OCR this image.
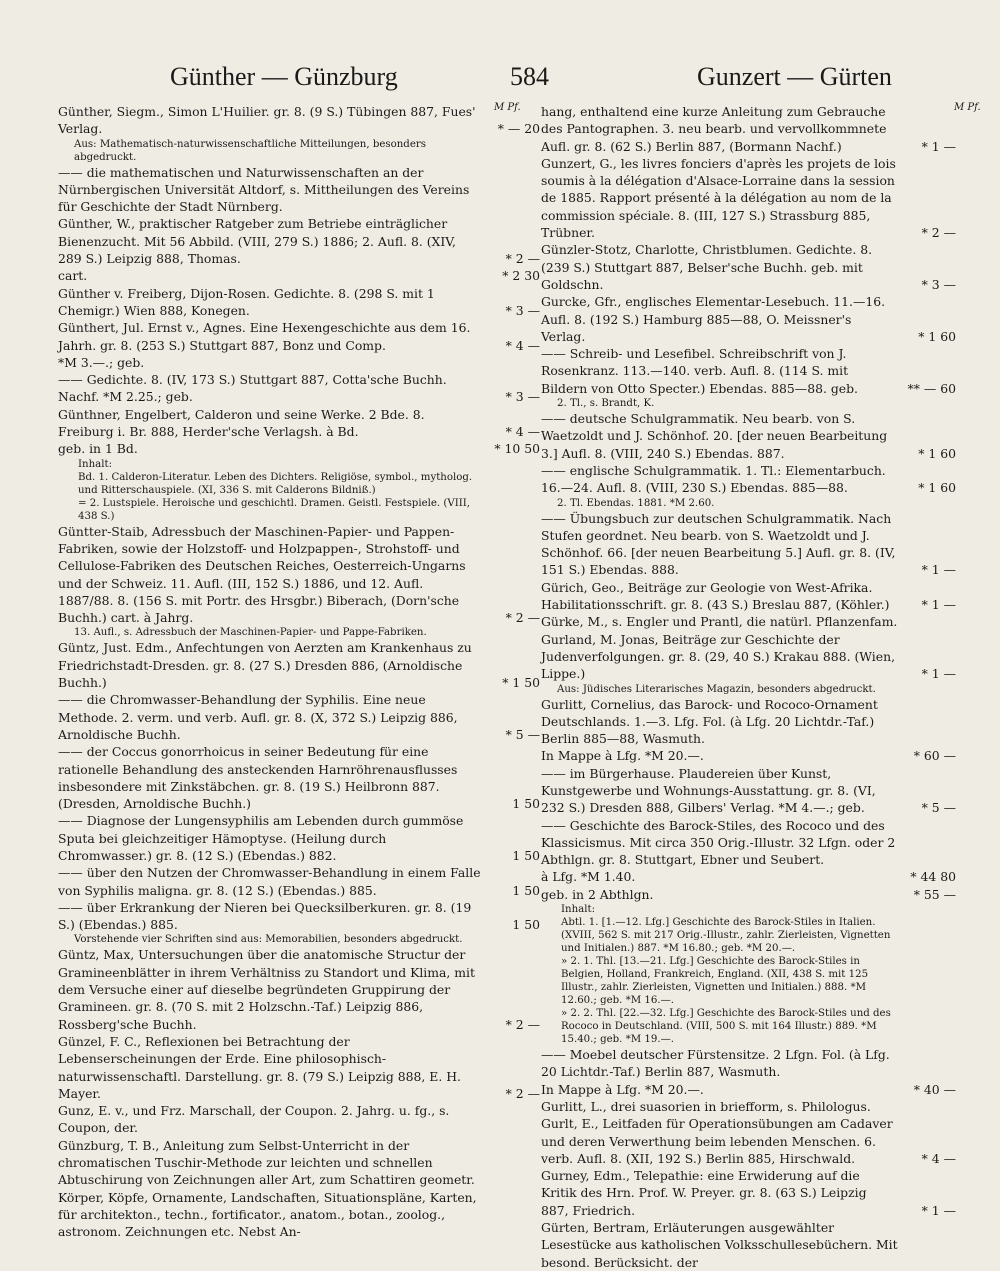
Günther — Günzburg	584	Gunzert — Gürten
M Pf.	M Pf.
Günther, Siegm., Simon L'Huilier. gr. 8. (9 S.) Tübingen 887, Fues' Verlag.	* — 20
Aus: Mathematisch-naturwissenschaftliche Mitteilungen, besonders abgedruckt.
—— die mathematischen und Naturwissenschaften an der Nürnbergischen Universität Altdorf, s. Mittheilungen des Vereins für Geschichte der Stadt Nürnberg.
Günther, W., praktischer Ratgeber zum Betriebe einträglicher Bienenzucht. Mit 56 Abbild. (VIII, 279 S.) 1886; 2. Aufl. 8. (XIV, 289 S.) Leipzig 888, Thomas.	* 2 —
cart.	* 2 30
Günther v. Freiberg, Dijon-Rosen. Gedichte. 8. (298 S. mit 1 Chemigr.) Wien 888, Konegen.	* 3 —
Günthert, Jul. Ernst v., Agnes. Eine Hexengeschichte aus dem 16. Jahrh. gr. 8. (253 S.) Stuttgart 887, Bonz und Comp.	* 4 —
*M 3.—.; geb.
—— Gedichte. 8. (IV, 173 S.) Stuttgart 887, Cotta'sche Buchh. Nachf. *M 2.25.; geb.	* 3 —
Günthner, Engelbert, Calderon und seine Werke. 2 Bde. 8. Freiburg i. Br. 888, Herder'sche Verlagsh. à Bd.	* 4 —
geb. in 1 Bd.	* 10 50
Inhalt:
Bd. 1. Calderon-Literatur. Leben des Dichters. Religiöse, symbol., mytholog. und Ritterschauspiele. (XI, 336 S. mit Calderons Bildniß.)
= 2. Lustspiele. Heroische und geschichtl. Dramen. Geistl. Festspiele. (VIII, 438 S.)
Güntter-Staib, Adressbuch der Maschinen-Papier- und Pappen-Fabriken, sowie der Holzstoff- und Holzpappen-, Strohstoff- und Cellulose-Fabriken des Deutschen Reiches, Oesterreich-Ungarns und der Schweiz. 11. Aufl. (III, 152 S.) 1886, und 12. Aufl. 1887/88. 8. (156 S. mit Portr. des Hrsgbr.) Biberach, (Dorn'sche Buchh.) cart. à Jahrg.	* 2 —
13. Aufl., s. Adressbuch der Maschinen-Papier- und Pappe-Fabriken.
Güntz, Just. Edm., Anfechtungen von Aerzten am Krankenhaus zu Friedrichstadt-Dresden. gr. 8. (27 S.) Dresden 886, (Arnoldische Buchh.)	* 1 50
—— die Chromwasser-Behandlung der Syphilis. Eine neue Methode. 2. verm. und verb. Aufl. gr. 8. (X, 372 S.) Leipzig 886, Arnoldische Buchh.	* 5 —
—— der Coccus gonorrhoicus in seiner Bedeutung für eine rationelle Behandlung des ansteckenden Harnröhrenausflusses insbesondere mit Zinkstäbchen. gr. 8. (19 S.) Heilbronn 887. (Dresden, Arnoldische Buchh.)	1 50
—— Diagnose der Lungensyphilis am Lebenden durch gummöse Sputa bei gleichzeitiger Hämoptyse. (Heilung durch Chromwasser.) gr. 8. (12 S.) (Ebendas.) 882.	1 50
—— über den Nutzen der Chromwasser-Behandlung in einem Falle von Syphilis maligna. gr. 8. (12 S.) (Ebendas.) 885.	1 50
—— über Erkrankung der Nieren bei Quecksilberkuren. gr. 8. (19 S.) (Ebendas.) 885.	1 50
Vorstehende vier Schriften sind aus: Memorabilien, besonders abgedruckt.
Güntz, Max, Untersuchungen über die anatomische Structur der Gramineenblätter in ihrem Verhältniss zu Standort und Klima, mit dem Versuche einer auf dieselbe begründeten Gruppirung der Gramineen. gr. 8. (70 S. mit 2 Holzschn.-Taf.) Leipzig 886, Rossberg'sche Buchh.	* 2 —
Günzel, F. C., Reflexionen bei Betrachtung der Lebenserscheinungen der Erde. Eine philosophisch-naturwissenschaftl. Darstellung. gr. 8. (79 S.) Leipzig 888, E. H. Mayer.	* 2 —
Gunz, E. v., und Frz. Marschall, der Coupon. 2. Jahrg. u. fg., s. Coupon, der.
Günzburg, T. B., Anleitung zum Selbst-Unterricht in der chromatischen Tuschir-Methode zur leichten und schnellen Abtuschirung von Zeichnungen aller Art, zum Schattiren geometr. Körper, Köpfe, Ornamente, Landschaften, Situationspläne, Karten, für architekton., techn., fortificator., anatom., botan., zoolog., astronom. Zeichnungen etc. Nebst An-
hang, enthaltend eine kurze Anleitung zum Gebrauche des Pantographen. 3. neu bearb. und vervollkommnete Aufl. gr. 8. (62 S.) Berlin 887, (Bormann Nachf.)	* 1 —
Gunzert, G., les livres fonciers d'après les projets de lois soumis à la délégation d'Alsace-Lorraine dans la session de 1885. Rapport présenté à la délégation au nom de la commission spéciale. 8. (III, 127 S.) Strassburg 885, Trübner.	* 2 —
Günzler-Stotz, Charlotte, Christblumen. Gedichte. 8. (239 S.) Stuttgart 887, Belser'sche Buchh. geb. mit Goldschn.	* 3 —
Gurcke, Gfr., englisches Elementar-Lesebuch. 11.—16. Aufl. 8. (192 S.) Hamburg 885—88, O. Meissner's Verlag.	* 1 60
—— Schreib- und Lesefibel. Schreibschrift von J. Rosenkranz. 113.—140. verb. Aufl. 8. (114 S. mit Bildern von Otto Specter.) Ebendas. 885—88. geb.	** — 60
2. Tl., s. Brandt, K.
—— deutsche Schulgrammatik. Neu bearb. von S. Waetzoldt und J. Schönhof. 20. [der neuen Bearbeitung 3.] Aufl. 8. (VIII, 240 S.) Ebendas. 887.	* 1 60
—— englische Schulgrammatik. 1. Tl.: Elementarbuch. 16.—24. Aufl. 8. (VIII, 230 S.) Ebendas. 885—88.	* 1 60
2. Tl. Ebendas. 1881. *M 2.60.
—— Übungsbuch zur deutschen Schulgrammatik. Nach Stufen geordnet. Neu bearb. von S. Waetzoldt und J. Schönhof. 66. [der neuen Bearbeitung 5.] Aufl. gr. 8. (IV, 151 S.) Ebendas. 888.	* 1 —
Gürich, Geo., Beiträge zur Geologie von West-Afrika. Habilitationsschrift. gr. 8. (43 S.) Breslau 887, (Köhler.)	* 1 —
Gürke, M., s. Engler und Prantl, die natürl. Pflanzenfam.
Gurland, M. Jonas, Beiträge zur Geschichte der Judenverfolgungen. gr. 8. (29, 40 S.) Krakau 888. (Wien, Lippe.)	* 1 —
Aus: Jüdisches Literarisches Magazin, besonders abgedruckt.
Gurlitt, Cornelius, das Barock- und Rococo-Ornament Deutschlands. 1.—3. Lfg. Fol. (à Lfg. 20 Lichtdr.-Taf.) Berlin 885—88, Wasmuth.
In Mappe à Lfg. *M 20.—.	* 60 —
—— im Bürgerhause. Plaudereien über Kunst, Kunstgewerbe und Wohnungs-Ausstattung. gr. 8. (VI, 232 S.) Dresden 888, Gilbers' Verlag. *M 4.—.; geb.	* 5 —
—— Geschichte des Barock-Stiles, des Rococo und des Klassicismus. Mit circa 350 Orig.-Illustr. 32 Lfgn. oder 2 Abthlgn. gr. 8. Stuttgart, Ebner und Seubert.
à Lfg. *M 1.40.	* 44 80
geb. in 2 Abthlgn.	* 55 —
Inhalt:
Abtl. 1. [1.—12. Lfg.] Geschichte des Barock-Stiles in Italien. (XVIII, 562 S. mit 217 Orig.-Illustr., zahlr. Zierleisten, Vignetten und Initialen.) 887. *M 16.80.; geb. *M 20.—.
» 2. 1. Thl. [13.—21. Lfg.] Geschichte des Barock-Stiles in Belgien, Holland, Frankreich, England. (XII, 438 S. mit 125 Illustr., zahlr. Zierleisten, Vignetten und Initialen.) 888. *M 12.60.; geb. *M 16.—.
» 2. 2. Thl. [22.—32. Lfg.] Geschichte des Barock-Stiles und des Rococo in Deutschland. (VIII, 500 S. mit 164 Illustr.) 889. *M 15.40.; geb. *M 19.—.
—— Moebel deutscher Fürstensitze. 2 Lfgn. Fol. (à Lfg. 20 Lichtdr.-Taf.) Berlin 887, Wasmuth.
In Mappe à Lfg. *M 20.—.	* 40 —
Gurlitt, L., drei suasorien in briefform, s. Philologus.
Gurlt, E., Leitfaden für Operationsübungen am Cadaver und deren Verwerthung beim lebenden Menschen. 6. verb. Aufl. 8. (XII, 192 S.) Berlin 885, Hirschwald.	* 4 —
Gurney, Edm., Telepathie: eine Erwiderung auf die Kritik des Hrn. Prof. W. Preyer. gr. 8. (63 S.) Leipzig 887, Friedrich.	* 1 —
Gürten, Bertram, Erläuterungen ausgewählter Lesestücke aus katholischen Volksschullesebüchern. Mit besond. Berücksicht. der
